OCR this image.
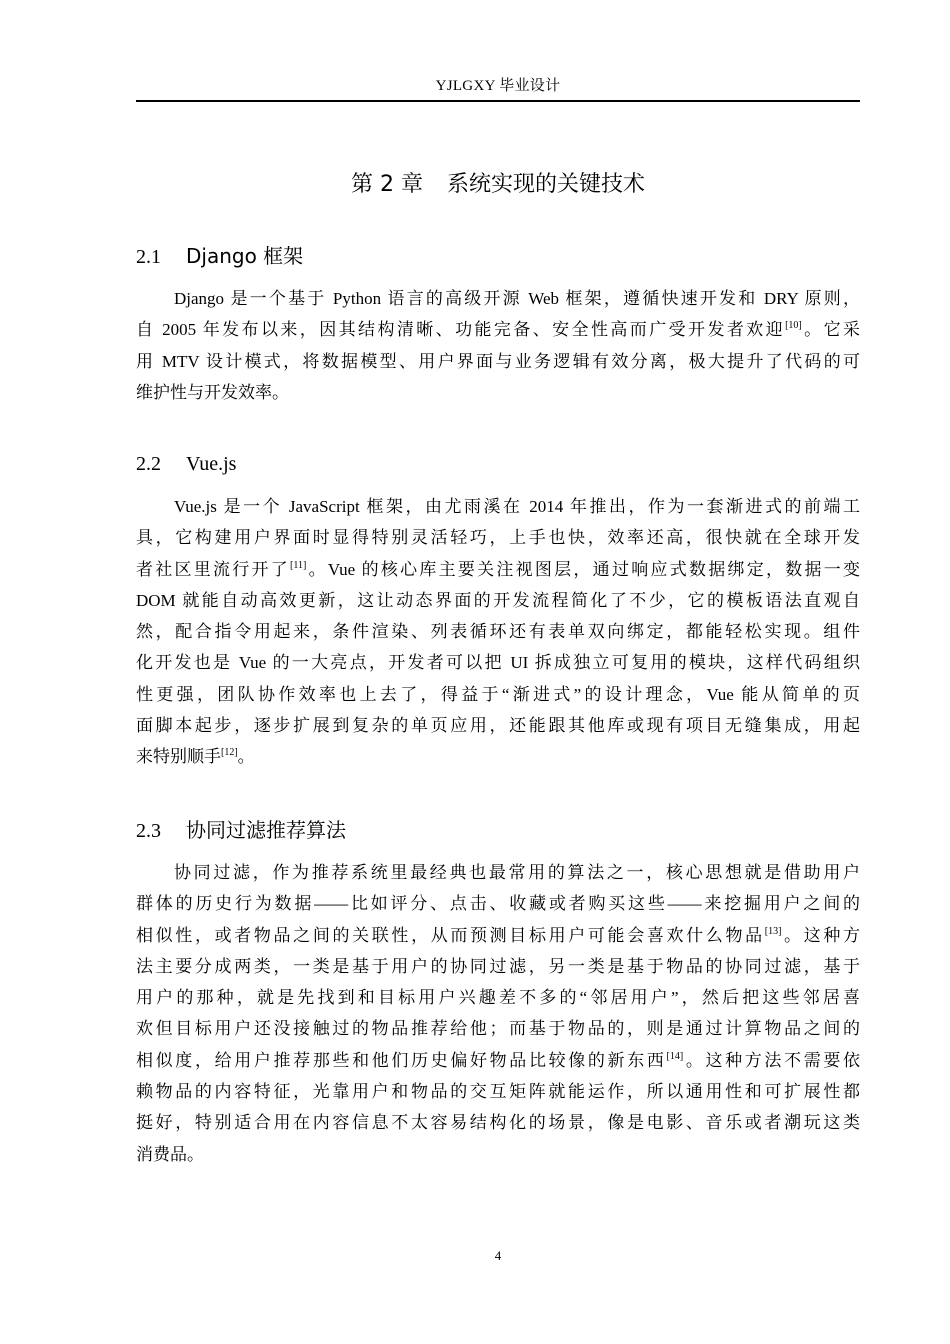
YJLGXY 毕业设计
第 2 章 系统实现的关键技术
2.1 Django 框架
Django 是一个基于 Python 语言的高级开源 Web 框架，遵循快速开发和 DRY 原则，
自 2005 年发布以来，因其结构清晰、功能完备、安全性高而广受开发者欢迎[10]。它采
用 MTV 设计模式，将数据模型、用户界面与业务逻辑有效分离，极大提升了代码的可
维护性与开发效率。
2.2 Vue.js
Vue.js 是一个 JavaScript 框架，由尤雨溪在 2014 年推出，作为一套渐进式的前端工
具，它构建用户界面时显得特别灵活轻巧，上手也快，效率还高，很快就在全球开发
者社区里流行开了[11]。Vue 的核心库主要关注视图层，通过响应式数据绑定，数据一变
DOM 就能自动高效更新，这让动态界面的开发流程简化了不少，它的模板语法直观自
然，配合指令用起来，条件渲染、列表循环还有表单双向绑定，都能轻松实现。组件
化开发也是 Vue 的一大亮点，开发者可以把 UI 拆成独立可复用的模块，这样代码组织
性更强，团队协作效率也上去了，得益于“渐进式”的设计理念，Vue 能从简单的页
面脚本起步，逐步扩展到复杂的单页应用，还能跟其他库或现有项目无缝集成，用起
来特别顺手[12]。
2.3 协同过滤推荐算法
协同过滤，作为推荐系统里最经典也最常用的算法之一，核心思想就是借助用户
群体的历史行为数据——比如评分、点击、收藏或者购买这些——来挖掘用户之间的
相似性，或者物品之间的关联性，从而预测目标用户可能会喜欢什么物品[13]。这种方
法主要分成两类，一类是基于用户的协同过滤，另一类是基于物品的协同过滤，基于
用户的那种，就是先找到和目标用户兴趣差不多的“邻居用户”，然后把这些邻居喜
欢但目标用户还没接触过的物品推荐给他；而基于物品的，则是通过计算物品之间的
相似度，给用户推荐那些和他们历史偏好物品比较像的新东西[14]。这种方法不需要依
赖物品的内容特征，光靠用户和物品的交互矩阵就能运作，所以通用性和可扩展性都
挺好，特别适合用在内容信息不太容易结构化的场景，像是电影、音乐或者潮玩这类
消费品。
4
